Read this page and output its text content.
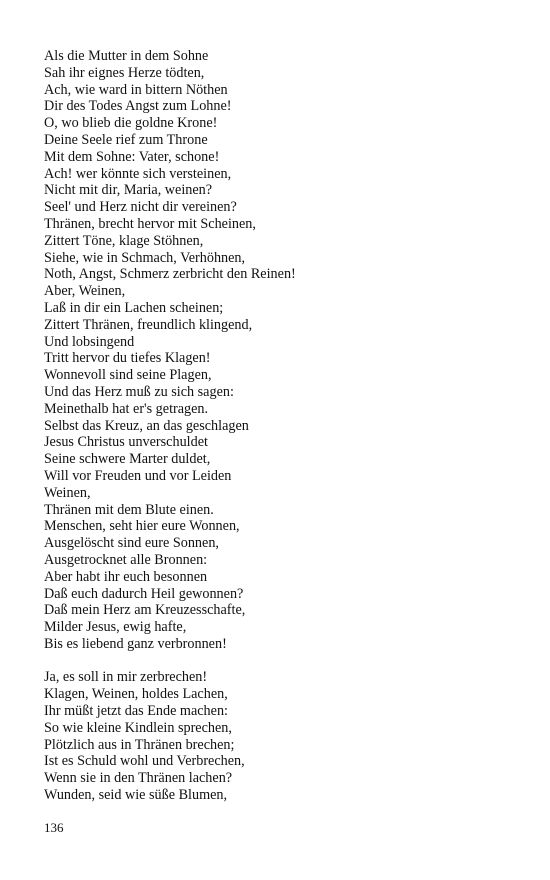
Als die Mutter in dem Sohne
Sah ihr eignes Herze tödten,
Ach, wie ward in bittern Nöthen
Dir des Todes Angst zum Lohne!
O, wo blieb die goldne Krone!
Deine Seele rief zum Throne
Mit dem Sohne: Vater, schone!
Ach! wer könnte sich versteinen,
Nicht mit dir, Maria, weinen?
Seel' und Herz nicht dir vereinen?
Thränen, brecht hervor mit Scheinen,
Zittert Töne, klage Stöhnen,
Siehe, wie in Schmach, Verhöhnen,
Noth, Angst, Schmerz zerbricht den Reinen!
Aber, Weinen,
Laß in dir ein Lachen scheinen;
Zittert Thränen, freundlich klingend,
Und lobsingend
Tritt hervor du tiefes Klagen!
Wonnevoll sind seine Plagen,
Und das Herz muß zu sich sagen:
Meinethalb hat er's getragen.
Selbst das Kreuz, an das geschlagen
Jesus Christus unverschuldet
Seine schwere Marter duldet,
Will vor Freuden und vor Leiden
Weinen,
Thränen mit dem Blute einen.
Menschen, seht hier eure Wonnen,
Ausgelöscht sind eure Sonnen,
Ausgetrocknet alle Bronnen:
Aber habt ihr euch besonnen
Daß euch dadurch Heil gewonnen?
Daß mein Herz am Kreuzesschafte,
Milder Jesus, ewig hafte,
Bis es liebend ganz verbronnen!
Ja, es soll in mir zerbrechen!
Klagen, Weinen, holdes Lachen,
Ihr müßt jetzt das Ende machen:
So wie kleine Kindlein sprechen,
Plötzlich aus in Thränen brechen;
Ist es Schuld wohl und Verbrechen,
Wenn sie in den Thränen lachen?
Wunden, seid wie süße Blumen,
136
